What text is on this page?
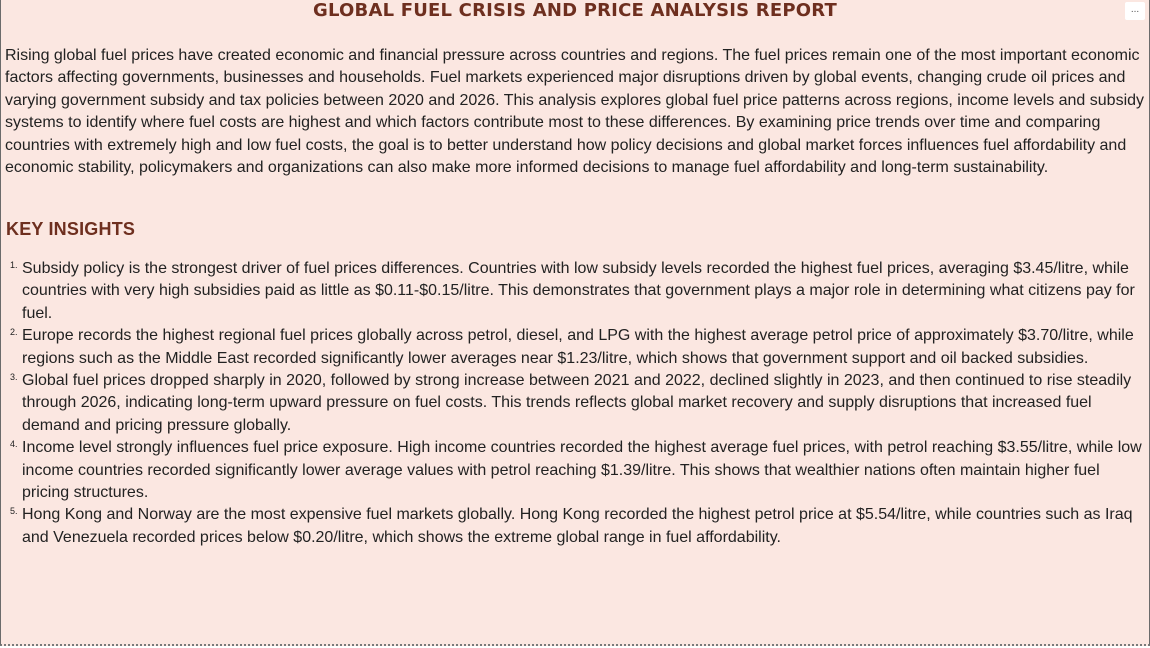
GLOBAL FUEL CRISIS AND PRICE ANALYSIS REPORT	...

Rising global fuel prices have created economic and financial pressure across countries and regions. The fuel prices remain one of the most important economic factors affecting governments, businesses and households. Fuel markets experienced major disruptions driven by global events, changing crude oil prices and varying government subsidy and tax policies between 2020 and 2026. This analysis explores global fuel price patterns across regions, income levels and subsidy systems to identify where fuel costs are highest and which factors contribute most to these differences. By examining price trends over time and comparing countries with extremely high and low fuel costs, the goal is to better understand how policy decisions and global market forces influences fuel affordability and economic stability, policymakers and organizations can also make more informed decisions to manage fuel affordability and long-term sustainability.

KEY INSIGHTS
1. Subsidy policy is the strongest driver of fuel prices differences. Countries with low subsidy levels recorded the highest fuel prices, averaging $3.45/litre, while countries with very high subsidies paid as little as $0.11-$0.15/litre. This demonstrates that government plays a major role in determining what citizens pay for fuel.
2. Europe records the highest regional fuel prices globally across petrol, diesel, and LPG with the highest average petrol price of approximately $3.70/litre, while regions such as the Middle East recorded significantly lower averages near $1.23/litre, which shows that government support and oil backed subsidies.
3. Global fuel prices dropped sharply in 2020, followed by strong increase between 2021 and 2022, declined slightly in 2023, and then continued to rise steadily through 2026, indicating long-term upward pressure on fuel costs. This trends reflects global market recovery and supply disruptions that increased fuel demand and pricing pressure globally.
4. Income level strongly influences fuel price exposure. High income countries recorded the highest average fuel prices, with petrol reaching $3.55/litre, while low income countries recorded significantly lower average values with petrol reaching $1.39/litre. This shows that wealthier nations often maintain higher fuel pricing structures.
5. Hong Kong and Norway are the most expensive fuel markets globally. Hong Kong recorded the highest petrol price at $5.54/litre, while countries such as Iraq and Venezuela recorded prices below $0.20/litre, which shows the extreme global range in fuel affordability.
